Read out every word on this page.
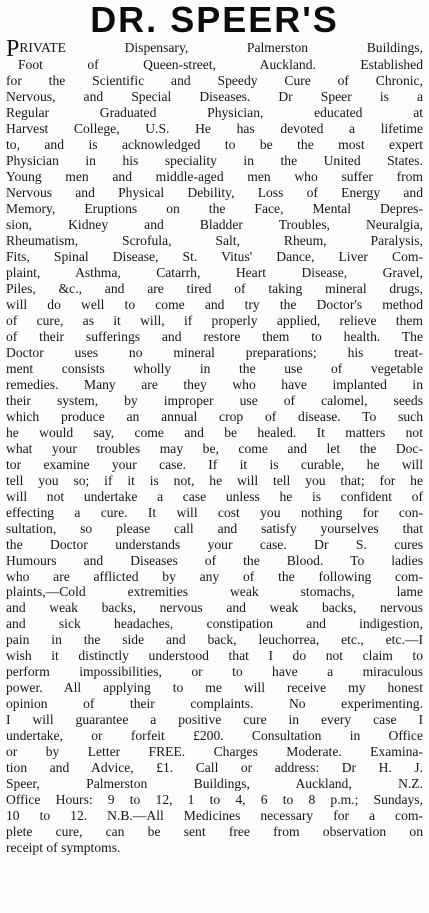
DR. SPEER'S
PRIVATE Dispensary, Palmerston Buildings,
Foot of Queen-street, Auckland. Established
for the Scientific and Speedy Cure of Chronic,
Nervous, and Special Diseases. Dr Speer is a
Regular Graduated Physician, educated at
Harvest College, U.S. He has devoted a lifetime
to, and is acknowledged to be the most expert
Physician in his speciality in the United States.
Young men and middle-aged men who suffer from
Nervous and Physical Debility, Loss of Energy and
Memory, Eruptions on the Face, Mental Depres-
sion, Kidney and Bladder Troubles, Neuralgia,
Rheumatism, Scrofula, Salt, Rheum, Paralysis,
Fits, Spinal Disease, St. Vitus' Dance, Liver Com-
plaint, Asthma, Catarrh, Heart Disease, Gravel,
Piles, &c., and are tired of taking mineral drugs,
will do well to come and try the Doctor's method
of cure, as it will, if properly applied, relieve them
of their sufferings and restore them to health. The
Doctor uses no mineral preparations; his treat-
ment consists wholly in the use of vegetable
remedies. Many are they who have implanted in
their system, by improper use of calomel, seeds
which produce an annual crop of disease. To such
he would say, come and be healed. It matters not
what your troubles may be, come and let the Doc-
tor examine your case. If it is curable, he will
tell you so; if it is not, he will tell you that; for he
will not undertake a case unless he is confident of
effecting a cure. It will cost you nothing for con-
sultation, so please call and satisfy yourselves that
the Doctor understands your case. Dr S. cures
Humours and Diseases of the Blood. To ladies
who are afflicted by any of the following com-
plaints,—Cold extremities weak stomachs, lame
and weak backs, nervous and weak backs, nervous
and sick headaches, constipation and indigestion,
pain in the side and back, leuchorrea, etc., etc.—I
wish it distinctly understood that I do not claim to
perform impossibilities, or to have a miraculous
power. All applying to me will receive my honest
opinion of their complaints. No experimenting.
I will guarantee a positive cure in every case I
undertake, or forfeit £200. Consultation in Office
or by Letter FREE. Charges Moderate. Examina-
tion and Advice, £1. Call or address: Dr H. J.
Speer, Palmerston Buildings, Auckland, N.Z.
Office Hours: 9 to 12, 1 to 4, 6 to 8 p.m.; Sundays,
10 to 12. N.B.—All Medicines necessary for a com-
plete cure, can be sent free from observation on
receipt of symptoms.
